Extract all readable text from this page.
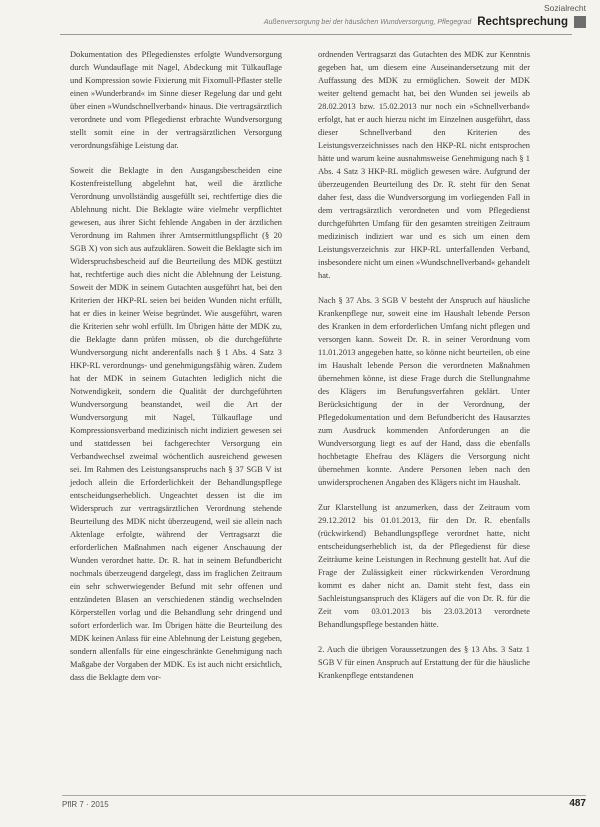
Sozialrecht
Außenversorgung bei der häuslichen Wundversorgung, Pflegegrad Rechtsprechung

Dokumentation des Pflegedienstes erfolgte Wundversorgung durch Wundauflage mit Nagel, Abdeckung mit Tülkauflage und Kompression sowie Fixierung mit Fixomull-Pflaster stelle einen »Wunderbrand« im Sinne dieser Regelung dar und geht über einen »Wundschnellverband« hinaus. Die vertragsärztlich verordnete und vom Pflegedienst erbrachte Wundversorgung stellt somit eine in der vertragsärztlichen Versorgung verordnungsfähige Leistung dar.

Soweit die Beklagte in den Ausgangsbescheiden eine Kostenfreistellung abgelehnt hat, weil die ärztliche Verordnung unvollständig ausgefüllt sei, rechtfertige dies die Ablehnung nicht. Die Beklagte wäre vielmehr verpflichtet gewesen, aus ihrer Sicht fehlende Angaben in der ärztlichen Verordnung im Rahmen ihrer Amtsermittlungspflicht (§ 20 SGB X) von sich aus aufzuklären. Soweit die Beklagte sich im Widerspruchsbescheid auf die Beurteilung des MDK gestützt hat, rechtfertige auch dies nicht die Ablehnung der Leistung. Soweit der MDK in seinem Gutachten ausgeführt hat, bei den Kriterien der HKP-RL seien bei beiden Wunden nicht erfüllt, hat er dies in keiner Weise begründet. Wie ausgeführt, waren die Kriterien sehr wohl erfüllt. Im Übrigen hätte der MDK zu, die Beklagte dann prüfen müssen, ob die durchgeführte Wundversorgung nicht anderenfalls nach § 1 Abs. 4 Satz 3 HKP-RL verordnungs- und genehmigungsfähig wären. Zudem hat der MDK in seinem Gutachten lediglich nicht die Notwendigkeit, sondern die Qualität der durchgeführten Wundversorgung beanstandet, weil die Art der Wundversorgung mit Nagel, Tülkauflage und Kompressionsverband medizinisch nicht indiziert gewesen sei und stattdessen bei fachgerechter Versorgung ein Verbandwechsel zweimal wöchentlich ausreichend gewesen sei. Im Rahmen des Leistungsanspruchs nach § 37 SGB V ist jedoch allein die Erforderlichkeit der Behandlungspflege entscheidungserheblich. Ungeachtet dessen ist die im Widerspruch zur vertragsärztlichen Verordnung stehende Beurteilung des MDK nicht überzeugend, weil sie allein nach Aktenlage erfolgte, während der Vertragsarzt die erforderlichen Maßnahmen nach eigener Anschauung der Wunden verordnet hatte. Dr. R. hat in seinem Befundbericht nochmals überzeugend dargelegt, dass im fraglichen Zeitraum ein sehr schwerwiegender Befund mit sehr offenen und entzündeten Blasen an verschiedenen ständig wechselnden Körperstellen vorlag und die Behandlung sehr dringend und sofort erforderlich war. Im Übrigen hätte die Beurteilung des MDK keinen Anlass für eine Ablehnung der Leistung gegeben, sondern allenfalls für eine eingeschränkte Genehmigung nach Maßgabe der Vorgaben der MDK. Es ist auch nicht ersichtlich, dass die Beklagte dem vor-

ordnenden Vertragsarzt das Gutachten des MDK zur Kenntnis gegeben hat, um diesem eine Auseinandersetzung mit der Auffassung des MDK zu ermöglichen. Soweit der MDK weiter geltend gemacht hat, bei den Wunden sei jeweils ab 28.02.2013 bzw. 15.02.2013 nur noch ein »Schnellverband« erfolgt, hat er auch hierzu nicht im Einzelnen ausgeführt, dass dieser Schnellverband den Kriterien des Leistungsverzeichnisses nach den HKP-RL nicht entsprochen hätte und warum keine ausnahmsweise Genehmigung nach § 1 Abs. 4 Satz 3 HKP-RL möglich gewesen wäre. Aufgrund der überzeugenden Beurteilung des Dr. R. steht für den Senat daher fest, dass die Wundversorgung im vorliegenden Fall in dem vertragsärztlich verordneten und vom Pflegedienst durchgeführten Umfang für den gesamten streitigen Zeitraum medizinisch indiziert war und es sich um einen dem Leistungsverzeichnis zur HKP-RL unterfallenden Verband, insbesondere nicht um einen »Wundschnellverband« gehandelt hat.

Nach § 37 Abs. 3 SGB V besteht der Anspruch auf häusliche Krankenpflege nur, soweit eine im Haushalt lebende Person des Kranken in dem erforderlichen Umfang nicht pflegen und versorgen kann. Soweit Dr. R. in seiner Verordnung vom 11.01.2013 angegeben hatte, so könne nicht beurteilen, ob eine im Haushalt lebende Person die verordneten Maßnahmen übernehmen könne, ist diese Frage durch die Stellungnahme des Klägers im Berufungsverfahren geklärt. Unter Berücksichtigung der in der Verordnung, der Pflegedokumentation und dem Befundbericht des Hausarztes zum Ausdruck kommenden Anforderungen an die Wundversorgung liegt es auf der Hand, dass die ebenfalls hochbetagte Ehefrau des Klägers die Versorgung nicht übernehmen konnte. Andere Personen leben nach den unwidersprochenen Angaben des Klägers nicht im Haushalt.

Zur Klarstellung ist anzumerken, dass der Zeitraum vom 29.12.2012 bis 01.01.2013, für den Dr. R. ebenfalls (rückwirkend) Behandlungspflege verordnet hatte, nicht entscheidungserheblich ist, da der Pflegedienst für diese Zeiträume keine Leistungen in Rechnung gestellt hat. Auf die Frage der Zulässigkeit einer rückwirkenden Verordnung kommt es daher nicht an. Damit steht fest, dass ein Sachleistungsanspruch des Klägers auf die von Dr. R. für die Zeit vom 03.01.2013 bis 23.03.2013 verordnete Behandlungspflege bestanden hätte.

2. Auch die übrigen Voraussetzungen des § 13 Abs. 3 Satz 1 SGB V für einen Anspruch auf Erstattung der für die häusliche Krankenpflege entstandenen

PflR 7 · 2015	487
